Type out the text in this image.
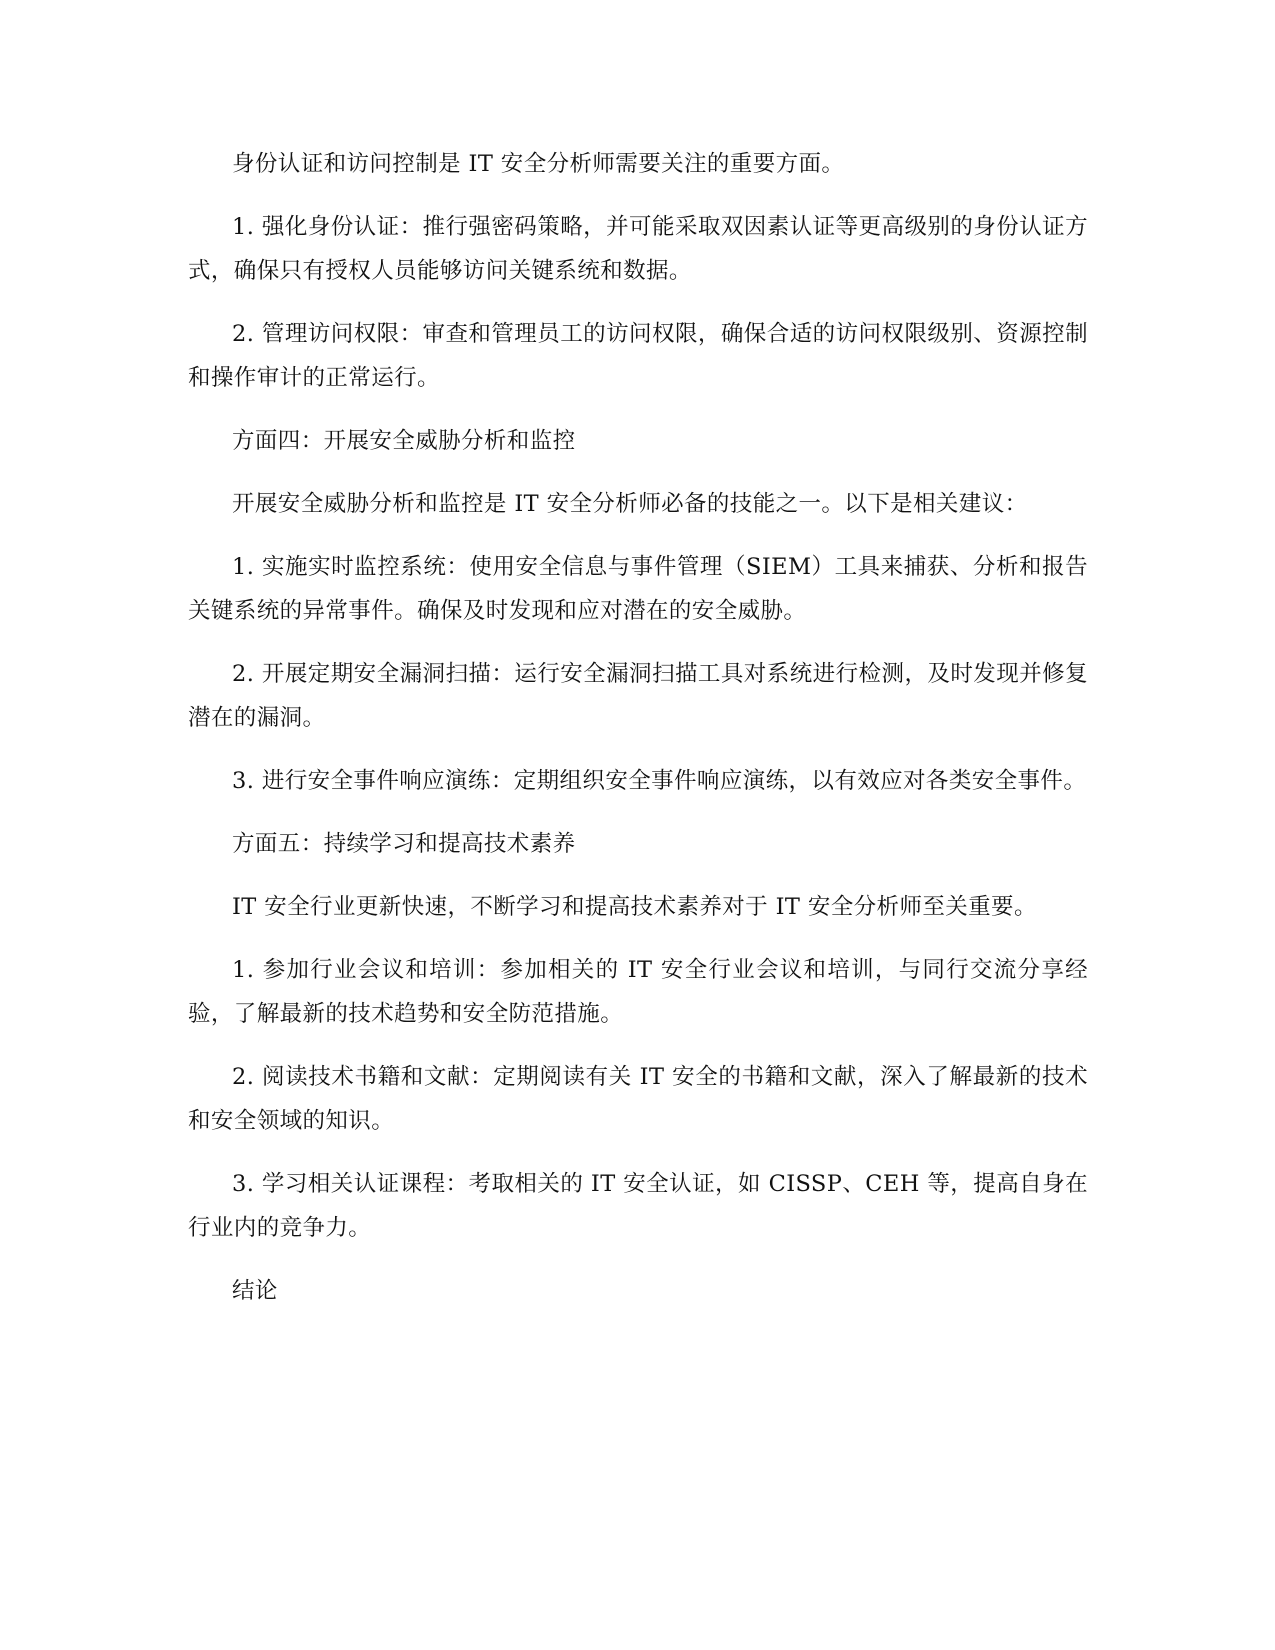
身份认证和访问控制是 IT 安全分析师需要关注的重要方面。

1. 强化身份认证：推行强密码策略，并可能采取双因素认证等更高级别的身份认证方式，确保只有授权人员能够访问关键系统和数据。

2. 管理访问权限：审查和管理员工的访问权限，确保合适的访问权限级别、资源控制和操作审计的正常运行。

方面四：开展安全威胁分析和监控

开展安全威胁分析和监控是 IT 安全分析师必备的技能之一。以下是相关建议：

1. 实施实时监控系统：使用安全信息与事件管理（SIEM）工具来捕获、分析和报告关键系统的异常事件。确保及时发现和应对潜在的安全威胁。

2. 开展定期安全漏洞扫描：运行安全漏洞扫描工具对系统进行检测，及时发现并修复潜在的漏洞。

3. 进行安全事件响应演练：定期组织安全事件响应演练，以有效应对各类安全事件。

方面五：持续学习和提高技术素养

IT 安全行业更新快速，不断学习和提高技术素养对于 IT 安全分析师至关重要。

1. 参加行业会议和培训：参加相关的 IT 安全行业会议和培训，与同行交流分享经验，了解最新的技术趋势和安全防范措施。

2. 阅读技术书籍和文献：定期阅读有关 IT 安全的书籍和文献，深入了解最新的技术和安全领域的知识。

3. 学习相关认证课程：考取相关的 IT 安全认证，如 CISSP、CEH 等，提高自身在行业内的竞争力。

结论
